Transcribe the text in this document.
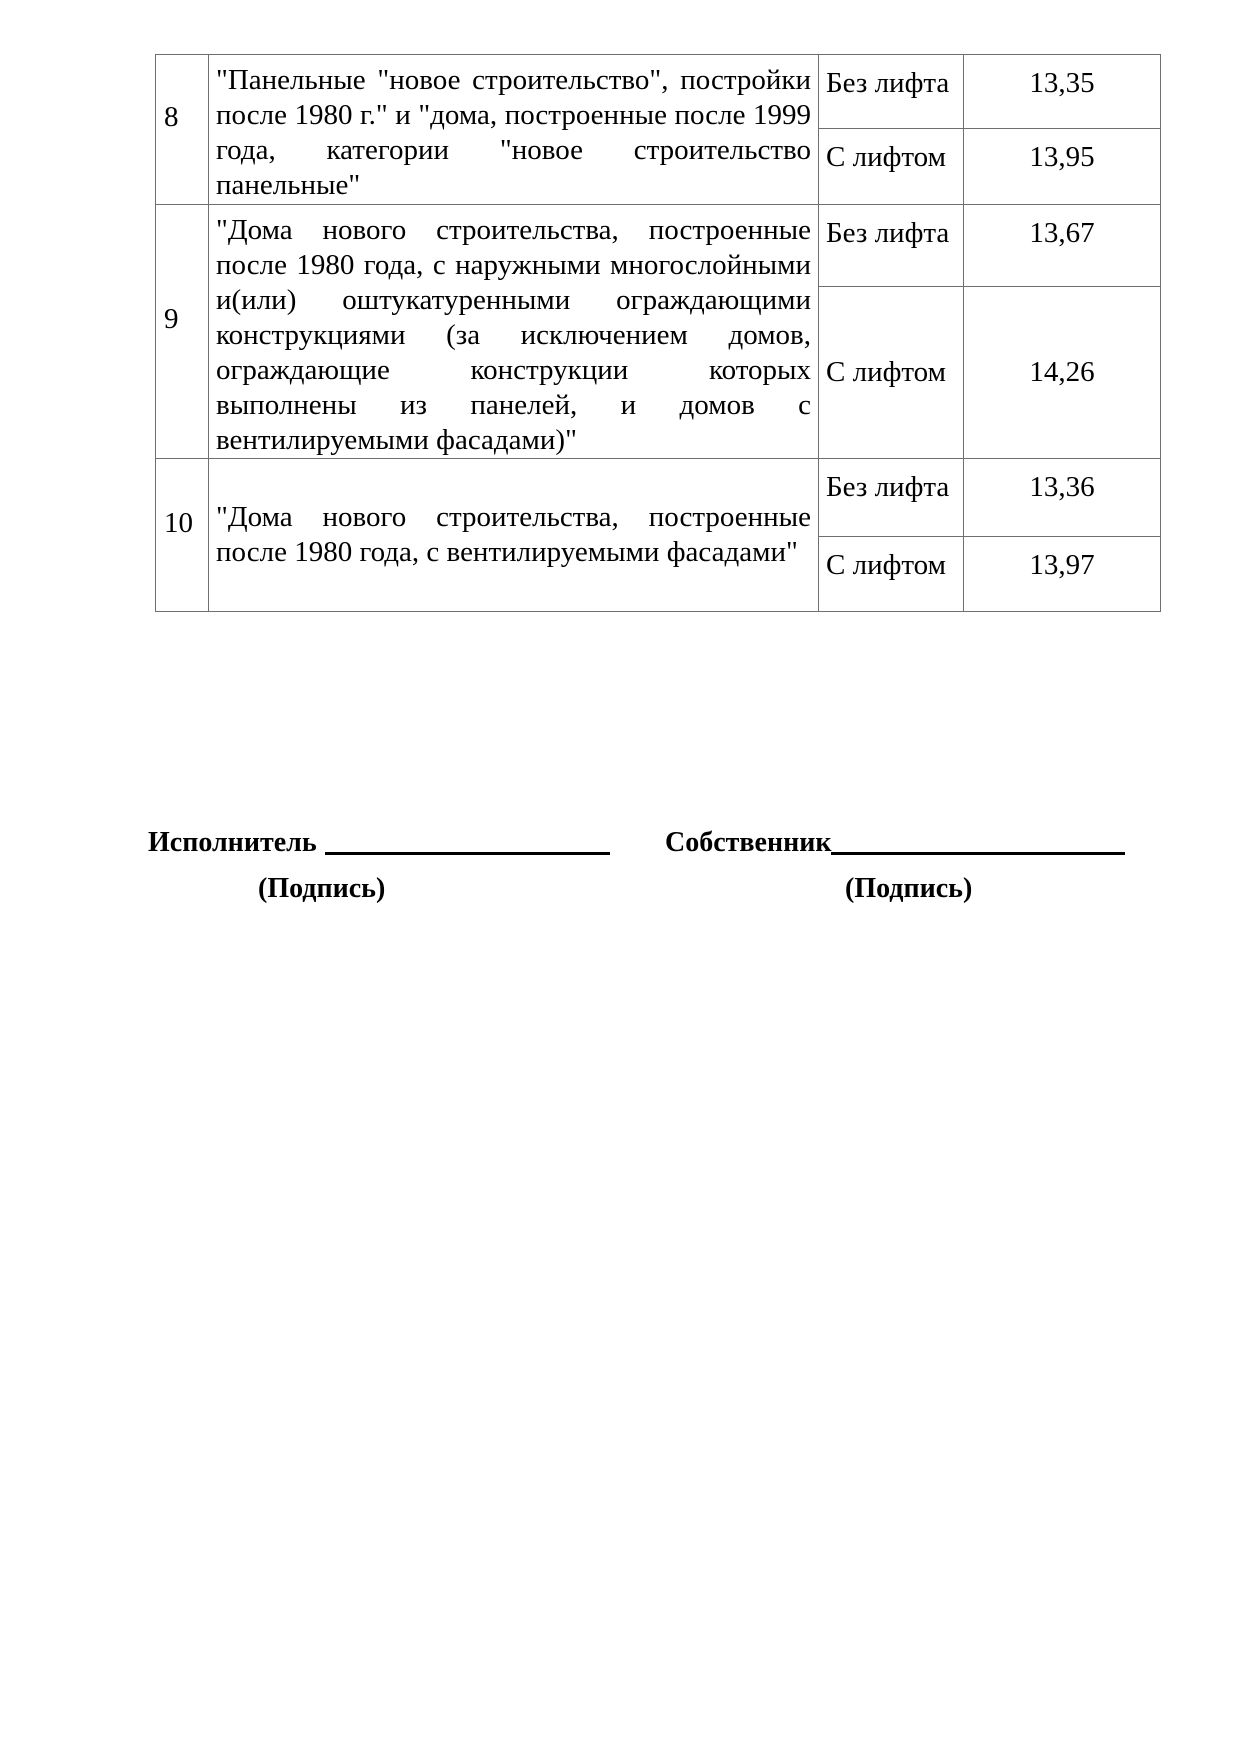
8	"Панельные "новое строительство", постройки после 1980 г." и "дома, построенные после 1999 года, категории "новое строительство панельные"	Без лифта	13,35
		С лифтом	13,95
9	"Дома нового строительства, построенные после 1980 года, с наружными многослойными и(или) оштукатуренными ограждающими конструкциями (за исключением домов, ограждающие конструкции которых выполнены из панелей, и домов с вентилируемыми фасадами)"	Без лифта	13,67
		С лифтом	14,26
10	"Дома нового строительства, построенные после 1980 года, с вентилируемыми фасадами"	Без лифта	13,36
		С лифтом	13,97
Исполнитель	Собственник
(Подпись)	(Подпись)
